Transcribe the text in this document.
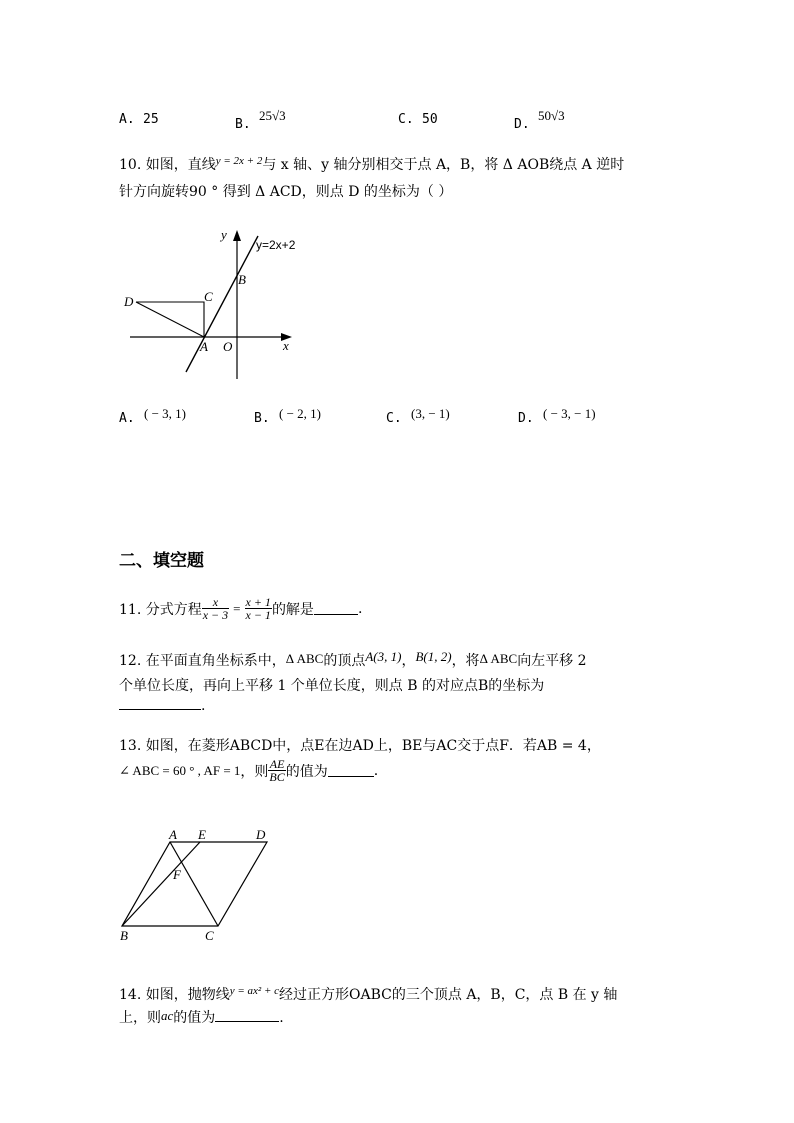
A. 25	B.
25√3	C. 50	D.
50√3
10. 如图，直线$^{y = 2x + 2}$与 x 轴、y 轴分别相交于点 A，B，将 Δ AOB绕点 A 逆时
针方向旋转90 ° 得到 Δ ACD，则点 D 的坐标为（ ）
y
x
y=2x+2
B
C
D
A O
A. ( − 3, 1)	B. ( − 2, 1)	C. (3, − 1)	D. ( − 3, − 1)
二、填空题
11. 分式方程 $\frac{x}{x - 3} = \frac{x + 1}{x - 1}$ 的解是	.
12. 在平面直角坐标系中，Δ ABC的顶点A(3, 1)，B(1, 2)，将Δ ABC向左平移 2
个单位长度，再向上平移 1 个单位长度，则点 B 的对应点B的坐标为
.
13. 如图，在菱形ABCD中，点E在边AD上，BE与AC交于点F．若AB = 4，
∠ ABC = 60 ° , AF = 1 ，则 $\frac{AE}{BC}$ 的值为	.
A E	D
F
B	C
14. 如图，抛物线$^{y = ax^2 + c}$经过正方形OABC的三个顶点 A，B，C，点 B 在 y 轴
上，则ac的值为	.
